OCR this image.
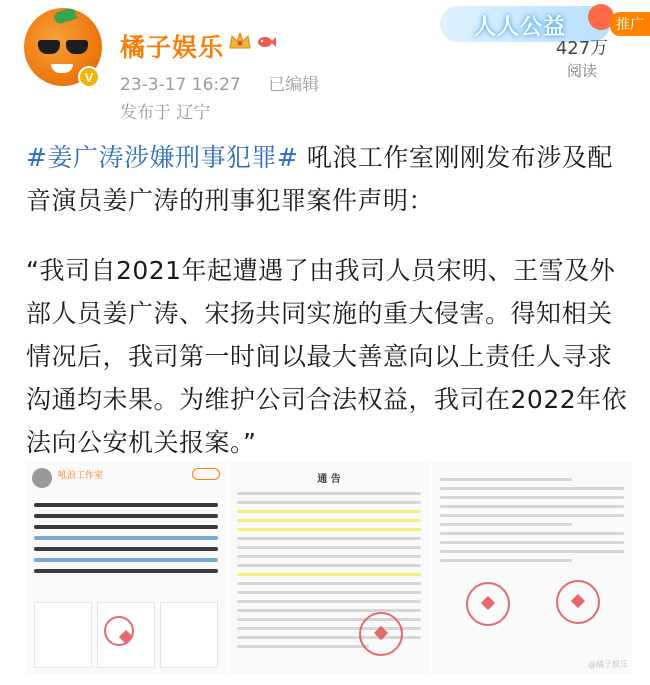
V
橘子娱乐
23-3-17 16:27 已编辑
发布于 辽宁
人人公益	推广
427万
阅读
#姜广涛涉嫌刑事犯罪# 吼浪工作室刚刚发布涉及配音演员姜广涛的刑事犯罪案件声明：
“我司自2021年起遭遇了由我司人员宋明、王雪及外部人员姜广涛、宋扬共同实施的重大侵害。得知相关情况后，我司第一时间以最大善意向以上责任人寻求沟通均未果。为维护公司合法权益，我司在2022年依法向公安机关报案。”
吼浪工作室	通 告
@橘子娱乐
